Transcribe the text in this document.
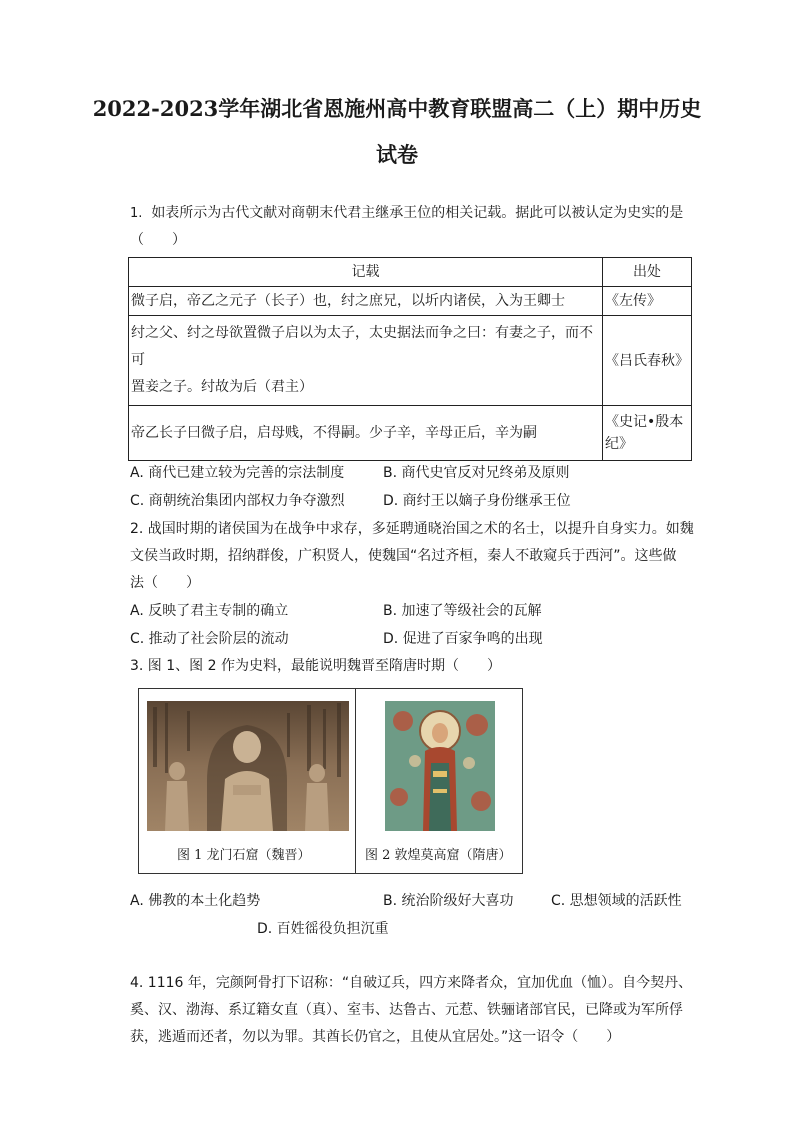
2022-2023学年湖北省恩施州高中教育联盟高二（上）期中历史
试卷
1. 如表所示为古代文献对商朝末代君主继承王位的相关记载。据此可以被认定为史实的是
（　　）
记载	出处
微子启，帝乙之元子（长子）也，纣之庶兄，以圻内诸侯，入为王卿士	《左传》

纣之父、纣之母欲置微子启以为太子，太史据法而争之曰：有妻之子，而不可
置妾之子。纣故为后（君主）	《吕氏春秋》
帝乙长子曰微子启，启母贱，不得嗣。少子辛，辛母正后，辛为嗣	《史记•殷本
纪》
A. 商代已建立较为完善的宗法制度	B. 商代史官反对兄终弟及原则
C. 商朝统治集团内部权力争夺激烈	D. 商纣王以嫡子身份继承王位
2. 战国时期的诸侯国为在战争中求存，多延聘通晓治国之术的名士，以提升自身实力。如魏
文侯当政时期，招纳群俊，广积贤人，使魏国“名过齐桓，秦人不敢窥兵于西河”。这些做
法（　　）
A. 反映了君主专制的确立	B. 加速了等级社会的瓦解
C. 推动了社会阶层的流动	D. 促进了百家争鸣的出现
3. 图 1、图 2 作为史料，最能说明魏晋至隋唐时期（　　）
图 1 龙门石窟（魏晋）	图 2 敦煌莫高窟（隋唐）
A. 佛教的本土化趋势	B. 统治阶级好大喜功	C. 思想领域的活跃性
D. 百姓徭役负担沉重
4. 1116 年，完颜阿骨打下诏称：“自破辽兵，四方来降者众，宜加优血（恤）。自今契丹、
奚、汉、渤海、系辽籍女直（真）、室韦、达鲁古、元惹、铁骊诸部官民，已降或为军所俘
获，逃遁而还者，勿以为罪。其酋长仍官之，且使从宜居处。”这一诏令（　　）
